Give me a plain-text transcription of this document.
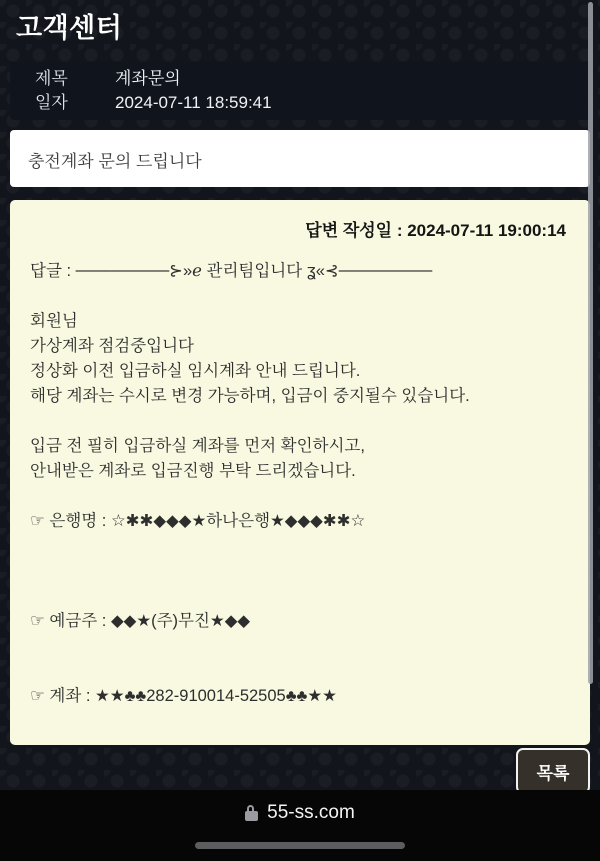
고객센터
제목	계좌문의
일자	2024-07-11 18:59:41
충전계좌 문의 드립니다
답변 작성일 : 2024-07-11 19:00:14
답글 : ────────⊱»ℯ 관리팀입니다 ʓ«⊰────────

회원님
가상계좌 점검중입니다
정상화 이전 입금하실 임시계좌 안내 드립니다.
해당 계좌는 수시로 변경 가능하며, 입금이 중지될수 있습니다.

입금 전 필히 입금하실 계좌를 먼저 확인하시고,
안내받은 계좌로 입금진행 부탁 드리겠습니다.

☞ 은행명 : ☆✱✱◆◆◆★하나은행★◆◆◆✱✱☆

☞ 예금주 : ◆◆★(주)무진★◆◆

☞ 계좌 : ★★♣♣282-910014-52505♣♣★★
목록
55-ss.com
